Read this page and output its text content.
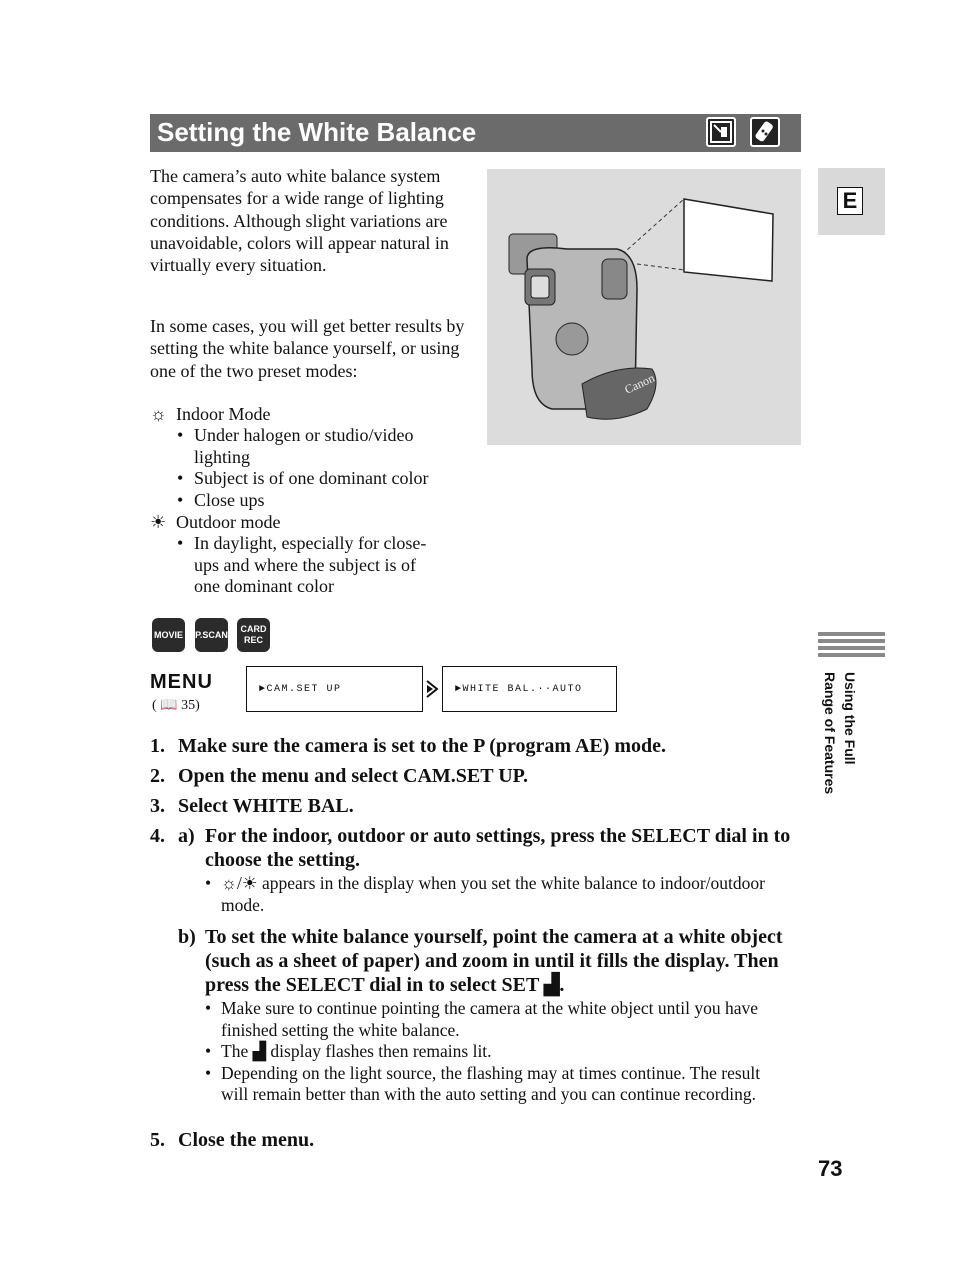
Setting the White Balance
E
Using the Full
Range of Features
The camera’s auto white balance system compensates for a wide range of lighting conditions. Although slight variations are unavoidable, colors will appear natural in virtually every situation.
In some cases, you will get better results by setting the white balance yourself, or using one of the two preset modes:
☼ Indoor Mode
• Under halogen or studio/video lighting
• Subject is of one dominant color
• Close ups
☀ Outdoor mode
• In daylight, especially for close-ups and where the subject is of one dominant color
Canon
MOVIE P.SCAN
CARD REC
MENU
( 📖 35)
►CAM.SET UP	►WHITE BAL.··AUTO
1. Make sure the camera is set to the P (program AE) mode.
2. Open the menu and select CAM.SET UP.
3. Select WHITE BAL.
4. a) For the indoor, outdoor or auto settings, press the SELECT dial in to choose the setting.
• ☼/☀ appears in the display when you set the white balance to indoor/outdoor mode.
b) To set the white balance yourself, point the camera at a white object (such as a sheet of paper) and zoom in until it fills the display. Then press the SELECT dial in to select SET ▟.
• Make sure to continue pointing the camera at the white object until you have finished setting the white balance.
• The ▟ display flashes then remains lit.
• Depending on the light source, the flashing may at times continue. The result will remain better than with the auto setting and you can continue recording.
5. Close the menu.
73
